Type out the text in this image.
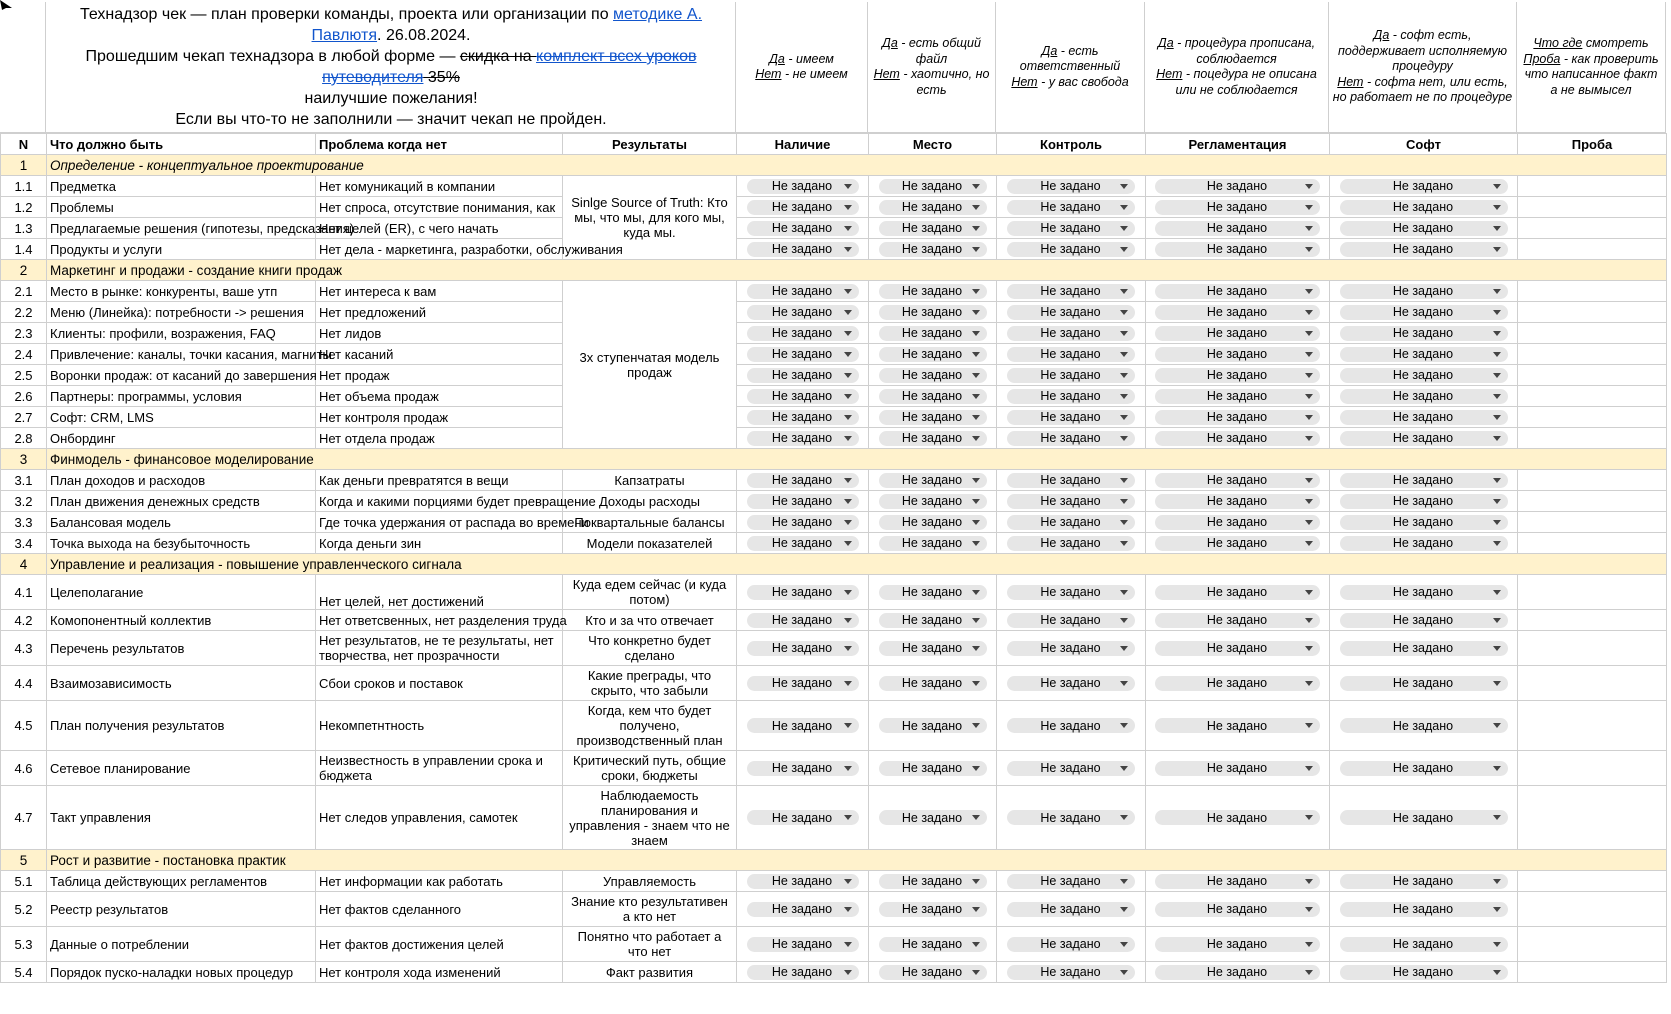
Технадзор чек — план проверки команды, проекта или организации по методике А. Павлютя. 26.08.2024.
Прошедшим чекап технадзора в любой форме — скидка на комплект всех уроков путеводителя 35%
наилучшие пожелания!
Если вы что-то не заполнили — значит чекап не пройден.
Да - имеем
Нет - не имеем
Да - есть общий файл
Нет - хаотично, но есть
Да - есть ответственный
Нет - у вас свобода
Да - процедура прописана, соблюдается
Нет - поцедура не описана или не соблюдается
Да - софт есть, поддерживает исполняемую процедуру
Нет - софта нет, или есть, но работает не по процедуре
Что где смотреть Проба - как проверить что написанное факт а не вымысел
N	Что должно быть	Проблема когда нет	Результаты	Наличие	Место	Контроль	Регламентация	Софт	Проба
1	Определение - концептуальное проектирование								
1.1	Предметка	Нет комуникаций в компании	Sinlge Source of Truth: Кто мы, что мы, для кого мы, куда мы.	Не задано	Не задано	Не задано	Не задано	Не задано	

1.2	Проблемы	Нет спроса, отсутствие понимания, как		Не задано	Не задано	Не задано	Не задано	Не задано	

1.3	Предлагаемые решения (гипотезы, предсказания)	Нет целей (ER), с чего начать		Не задано	Не задано	Не задано	Не задано	Не задано	

1.4	Продукты и услуги	Нет дела - маркетинга, разработки, обслуживания		Не задано	Не задано	Не задано	Не задано	Не задано	

2	Маркетинг и продажи - создание книги продаж								
2.1	Место в рынке: конкуренты, ваше утп	Нет интереса к вам	3х ступенчатая модель продаж	Не задано	Не задано	Не задано	Не задано	Не задано	

2.2	Меню (Линейка): потребности -> решения	Нет предложений		Не задано	Не задано	Не задано	Не задано	Не задано	

2.3	Клиенты: профили, возражения, FAQ	Нет лидов		Не задано	Не задано	Не задано	Не задано	Не задано	

2.4	Привлечение: каналы, точки касания, магниты	Нет касаний		Не задано	Не задано	Не задано	Не задано	Не задано	

2.5	Воронки продаж: от касаний до завершения	Нет продаж		Не задано	Не задано	Не задано	Не задано	Не задано	

2.6	Партнеры: программы, условия	Нет объема продаж		Не задано	Не задано	Не задано	Не задано	Не задано	

2.7	Софт: CRM, LMS	Нет контроля продаж		Не задано	Не задано	Не задано	Не задано	Не задано	

2.8	Онбординг	Нет отдела продаж		Не задано	Не задано	Не задано	Не задано	Не задано	

3	Финмодель - финансовое моделирование								
3.1	План доходов и расходов	Как деньги превратятся в вещи	Капзатраты	Не задано	Не задано	Не задано	Не задано	Не задано	

3.2	План движения денежных средств	Когда и какими порциями будет превращение	Доходы расходы	Не задано	Не задано	Не задано	Не задано	Не задано	

3.3	Балансовая модель	Где точка удержания от распада во времени	Поквартальные балансы	Не задано	Не задано	Не задано	Не задано	Не задано	

3.4	Точка выхода на безубыточность	Когда деньги зин	Модели показателей	Не задано	Не задано	Не задано	Не задано	Не задано	

4	Управление и реализация - повышение управленческого сигнала								
4.1	Целеполагание	Нет целей, нет достижений	Куда едем сейчас (и куда потом)	Не задано	Не задано	Не задано	Не задано	Не задано	

4.2	Комопонентный коллектив	Нет ответсвенных, нет разделения труда	Кто и за что отвечает	Не задано	Не задано	Не задано	Не задано	Не задано	

4.3	Перечень результатов	Нет результатов, не те результаты, нет творчества, нет прозрачности	Что конкретно будет сделано	Не задано	Не задано	Не задано	Не задано	Не задано	

4.4	Взаимозависимость	Сбои сроков и поставок	Какие преграды, что скрыто, что забыли	Не задано	Не задано	Не задано	Не задано	Не задано	

4.5	План получения результатов	Некомпетнтность	Когда, кем что будет получено, производственный план	Не задано	Не задано	Не задано	Не задано	Не задано	

4.6	Сетевое планирование	Неизвестность в управлении срока и бюджета	Критический путь, общие сроки, бюджеты	Не задано	Не задано	Не задано	Не задано	Не задано	

4.7	Такт управления	Нет следов управления, самотек	Наблюдаемость планирования и управления - знаем что не знаем	Не задано	Не задано	Не задано	Не задано	Не задано	

5	Рост и развитие - постановка практик								
5.1	Таблица действующих регламентов	Нет информации как работать	Управляемость	Не задано	Не задано	Не задано	Не задано	Не задано	

5.2	Реестр результатов	Нет фактов сделанного	Знание кто результативен а кто нет	Не задано	Не задано	Не задано	Не задано	Не задано	

5.3	Данные о потреблении	Нет фактов достижения целей	Понятно что работает а что нет	Не задано	Не задано	Не задано	Не задано	Не задано	

5.4	Порядок пуско-наладки новых процедур	Нет контроля хода изменений	Факт развития	Не задано	Не задано	Не задано	Не задано	Не задано	
